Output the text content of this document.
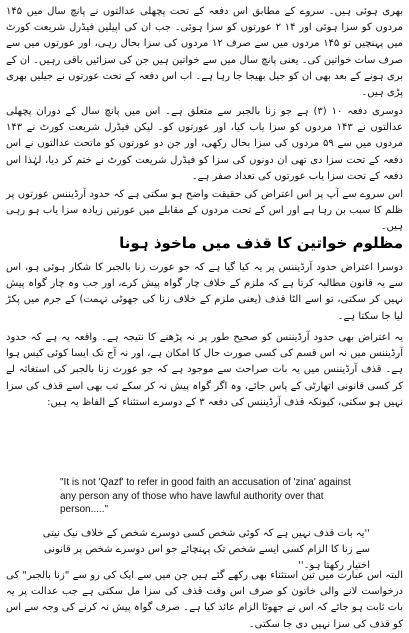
بھری ہوئی ہیں۔ سروے کے مطابق اس دفعہ کے تحت پچھلی عدالتوں نے پانچ سال میں ۱۴۵ مردوں کو سزا ہوئی اور ۱۴ ۲ عورتوں کو سزا ہوئی۔ جب ان کی اپیلیں فیڈرل شریعت کورٹ میں پہنچیں تو ۱۴۵ مردوں میں سے صرف ۱۲ مردوں کی سزا بحال رہی، اور عورتوں میں سے صرف سات خواتین کی۔ یعنی پانچ سال میں سے خواتین ہیں جن کی سزائیں باقی رہیں۔ ان کے بری ہونے کے بعد بھی ان کو جیل بھیجا جا رہا ہے۔ اب اس دفعہ کے تحت عورتوں نے جیلیں بھری پڑی ہیں۔

دوسری دفعہ ۱۰ (۳) ہے جو زنا بالجبر سے متعلق ہے۔ اس میں پانچ سال کے دوران پچھلی عدالتوں نے ۱۴۳ مردوں کو سزا یاب کیا، اور عورتوں کو۔ لیکن فیڈرل شریعت کورٹ نے ۱۴۳ مردوں میں سے ۵۹ مردوں کی سزا بحال رکھی، اور جن دو عورتوں کو ماتحت عدالتوں نے اس دفعہ کے تحت سزا دی تھی ان دونوں کی سزا کو فیڈرل شریعت کورٹ نے ختم کر دیا، لہٰذا اس دفعہ کے تحت سزا یاب عورتوں کی تعداد صفر ہے۔

اس سروے سے آپ پر اس اعتراض کی حقیقت واضح ہو سکتی ہے کہ حدود آرڈیننس عورتوں پر ظلم کا سبب بن رہا ہے اور اس کے تحت مردوں کے مقابلے میں عورتیں زیادہ سزا یاب ہو رہی ہیں۔

مظلوم خواتین کا قذف میں ماخوذ ہونا

دوسرا اعتراض حدود آرڈیننس پر یہ کیا گیا ہے کہ جو عورت زنا بالجبر کا شکار ہوئی ہو، اس سے یہ قانون مطالبہ کرتا ہے کہ ملزم کے خلاف چار گواہ پیش کرے، اور جب وہ چار گواہ پیش نہیں کر سکتی، تو اسے الٹا قذف (یعنی ملزم کے خلاف زنا کی جھوٹی تہمت) کے جرم میں پکڑ لیا جا سکتا ہے۔

یہ اعتراض بھی حدود آرڈیننس کو صحیح طور پر نہ پڑھنے کا نتیجہ ہے۔ واقعہ یہ ہے کہ حدود آرڈیننس میں نہ اس قسم کی کسی صورت حال کا امکان ہے، اور نہ آج تک ایسا کوئی کیس ہوا ہے۔ قذف آرڈیننس میں یہ بات صراحت سے موجود ہے کہ جو عورت زنا بالجبر کی استغاثہ لے کر کسی قانونی اتھارٹی کے پاس جائے، وہ اگر گواہ پیش نہ کر سکے تب بھی اسے قذف کی سزا نہیں ہو سکتی، کیونکہ قذف آرڈیننس کی دفعہ ۳ کے دوسرے استثناء کے الفاظ یہ ہیں:

"It is not 'Qazf' to refer in good faith an accusation of 'zina' against any person any of those who have lawful authority over that person....."

''یہ بات قذف نہیں ہے کہ کوئی شخص کسی دوسرے شخص کے خلاف نیک نیتی سے زنا کا الزام کسی ایسے شخص تک پہنچائے جو اس دوسرے شخص پر قانونی اختیار رکھتا ہو۔''

البتہ اس عبارت میں تین استثناء بھی رکھے گئے ہیں جن میں سے ایک کی رو سے "زنا بالجبر" کی درخواست لانے والی خاتون کو صرف اس وقت قذف کی سزا مل سکتی ہے جب عدالت پر یہ بات ثابت ہو جائے کہ اس نے جھوٹا الزام عائد کیا ہے۔ صرف گواہ پیش نہ کرنے کی وجہ سے اس کو قذف کی سزا نہیں دی جا سکتی۔
